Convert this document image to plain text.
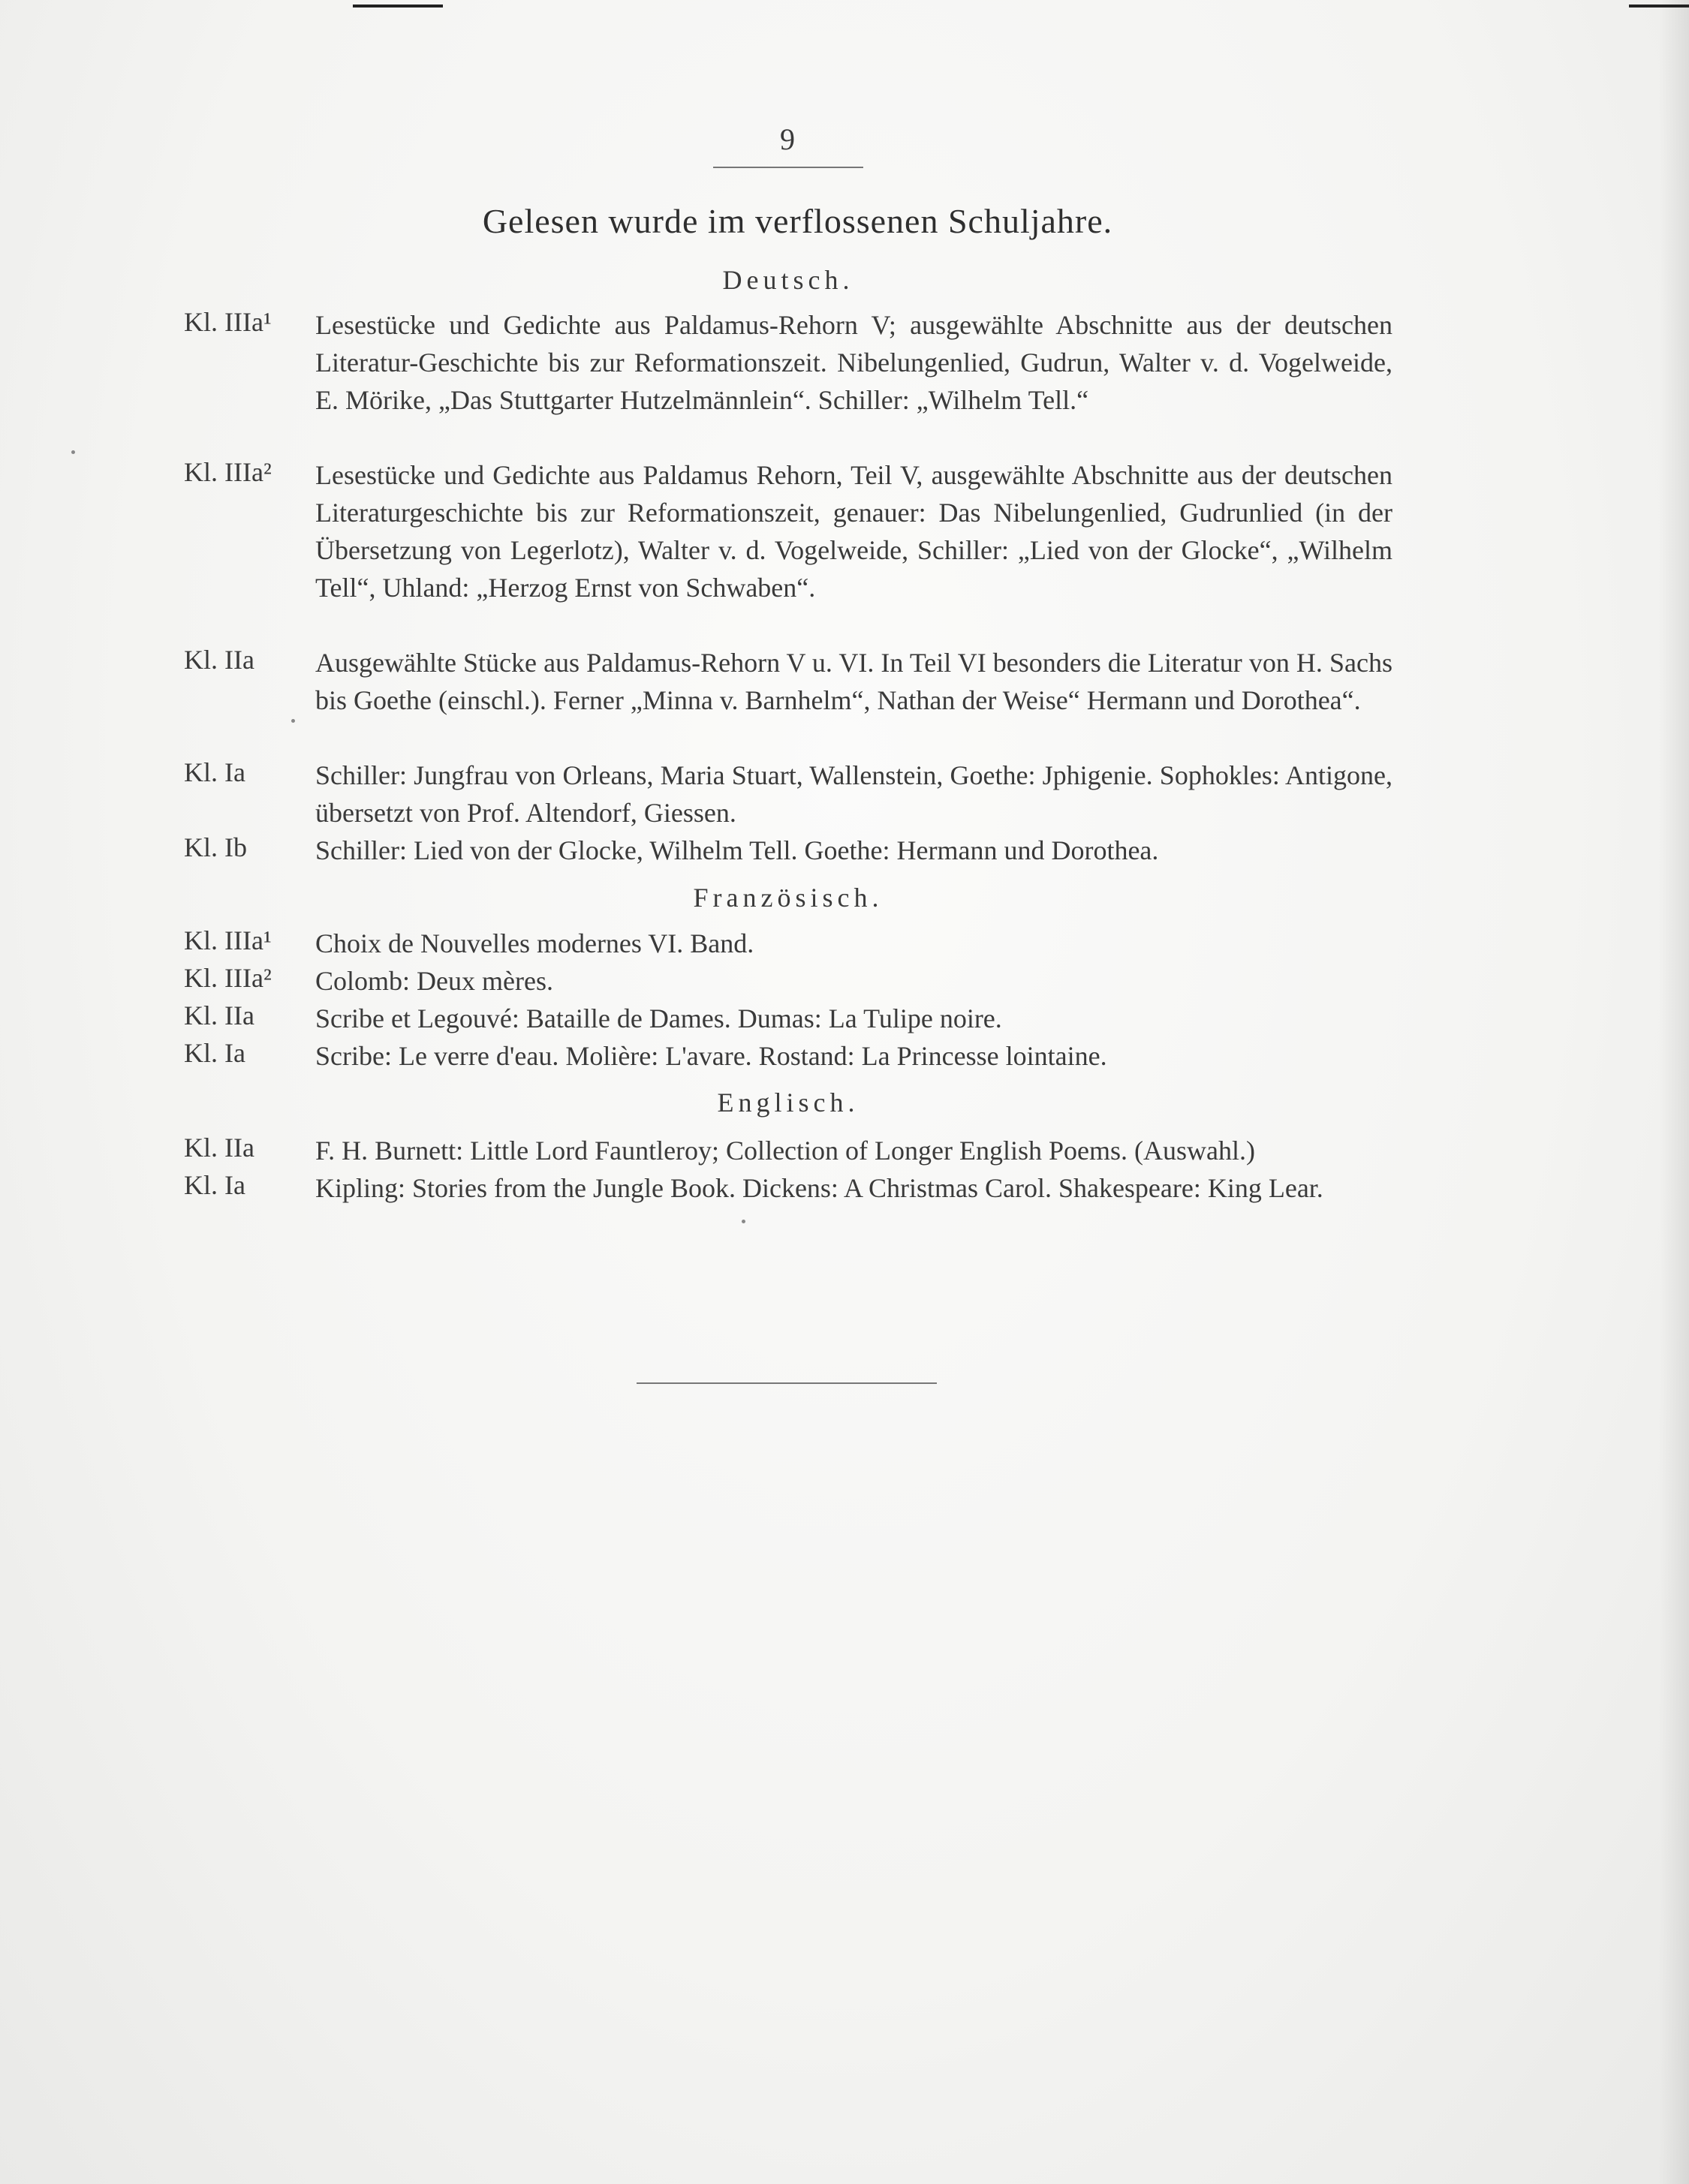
9
Gelesen wurde im verflossenen Schuljahre.
Deutsch.
Kl. IIIa¹ Lesestücke und Gedichte aus Paldamus-Rehorn V; ausgewählte Abschnitte aus der deutschen Literatur-Geschichte bis zur Reformationszeit. Nibelungenlied, Gudrun, Walter v. d. Vogelweide, E. Mörike, „Das Stuttgarter Hutzelmännlein“. Schiller: „Wilhelm Tell.“
Kl. IIIa² Lesestücke und Gedichte aus Paldamus Rehorn, Teil V, ausgewählte Abschnitte aus der deutschen Literaturgeschichte bis zur Reformationszeit, genauer: Das Nibelungenlied, Gudrunlied (in der Übersetzung von Legerlotz), Walter v. d. Vogelweide, Schiller: „Lied von der Glocke“, „Wilhelm Tell“, Uhland: „Herzog Ernst von Schwaben“.
Kl. IIa Ausgewählte Stücke aus Paldamus-Rehorn V u. VI. In Teil VI besonders die Literatur von H. Sachs bis Goethe (einschl.). Ferner „Minna v. Barnhelm“, Nathan der Weise“ Hermann und Dorothea“.
Kl. Ia	Schiller: Jungfrau von Orleans, Maria Stuart, Wallenstein, Goethe: Jphigenie. Sophokles: Antigone, übersetzt von Prof. Altendorf, Giessen.
Kl. Ib	Schiller: Lied von der Glocke, Wilhelm Tell. Goethe: Hermann und Dorothea.
Französisch.
Kl. IIIa¹ Choix de Nouvelles modernes VI. Band.
Kl. IIIa² Colomb: Deux mères.
Kl. IIa Scribe et Legouvé: Bataille de Dames. Dumas: La Tulipe noire.
Kl. Ia	Scribe: Le verre d'eau. Molière: L'avare. Rostand: La Princesse lointaine.
Englisch.
Kl. IIa F. H. Burnett: Little Lord Fauntleroy; Collection of Longer English Poems. (Auswahl.)
Kl. Ia	Kipling: Stories from the Jungle Book. Dickens: A Christmas Carol. Shakespeare: King Lear.
